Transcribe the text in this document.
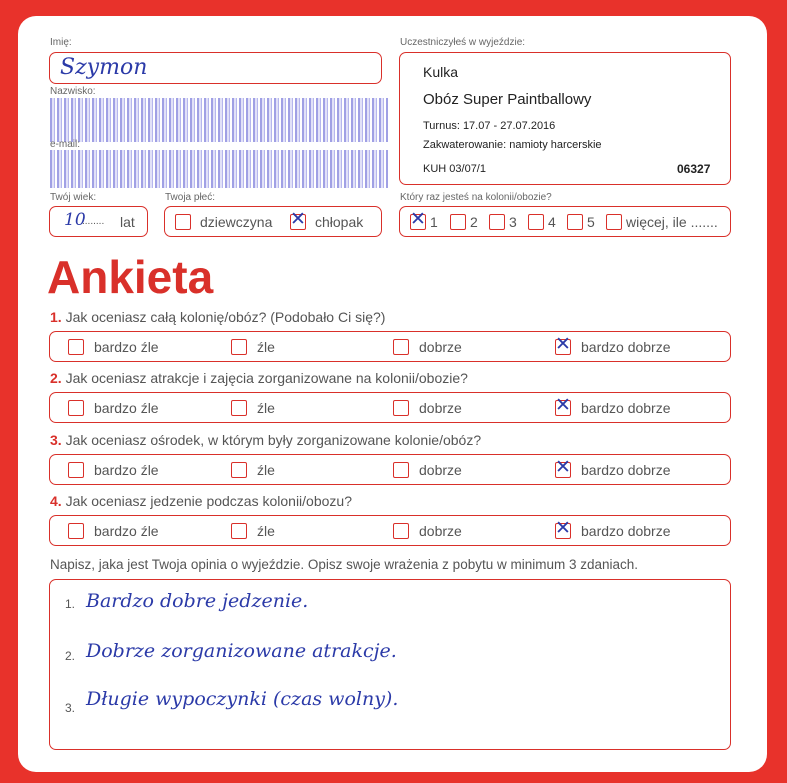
Imię:
Szymon
Nazwisko:
e-mail:
Twój wiek:
10
........ lat
Twoja płeć:
dziewczyna ✕ chłopak
Uczestniczyłeś w wyjeździe:
Kulka
Obóz Super Paintballowy
Turnus: 17.07 - 27.07.2016
Zakwaterowanie: namioty harcerskie
KUH 03/07/1	06327
Który raz jesteś na kolonii/obozie?
✕ 1 2 3 4 5 więcej, ile .......
Ankieta
1. Jak oceniasz całą kolonię/obóz? (Podobało Ci się?)
bardzo źle	źle	dobrze	✕ bardzo dobrze
2. Jak oceniasz atrakcje i zajęcia zorganizowane na kolonii/obozie?
bardzo źle	źle	dobrze	✕ bardzo dobrze
3. Jak oceniasz ośrodek, w którym były zorganizowane kolonie/obóz?
bardzo źle	źle	dobrze	✕ bardzo dobrze
4. Jak oceniasz jedzenie podczas kolonii/obozu?
bardzo źle	źle	dobrze	✕ bardzo dobrze
Napisz, jaka jest Twoja opinia o wyjeździe. Opisz swoje wrażenia z pobytu w minimum 3 zdaniach.
1. Bardzo dobre jedzenie.
2. Dobrze zorganizowane atrakcje.
3. Długie wypoczynki (czas wolny).
